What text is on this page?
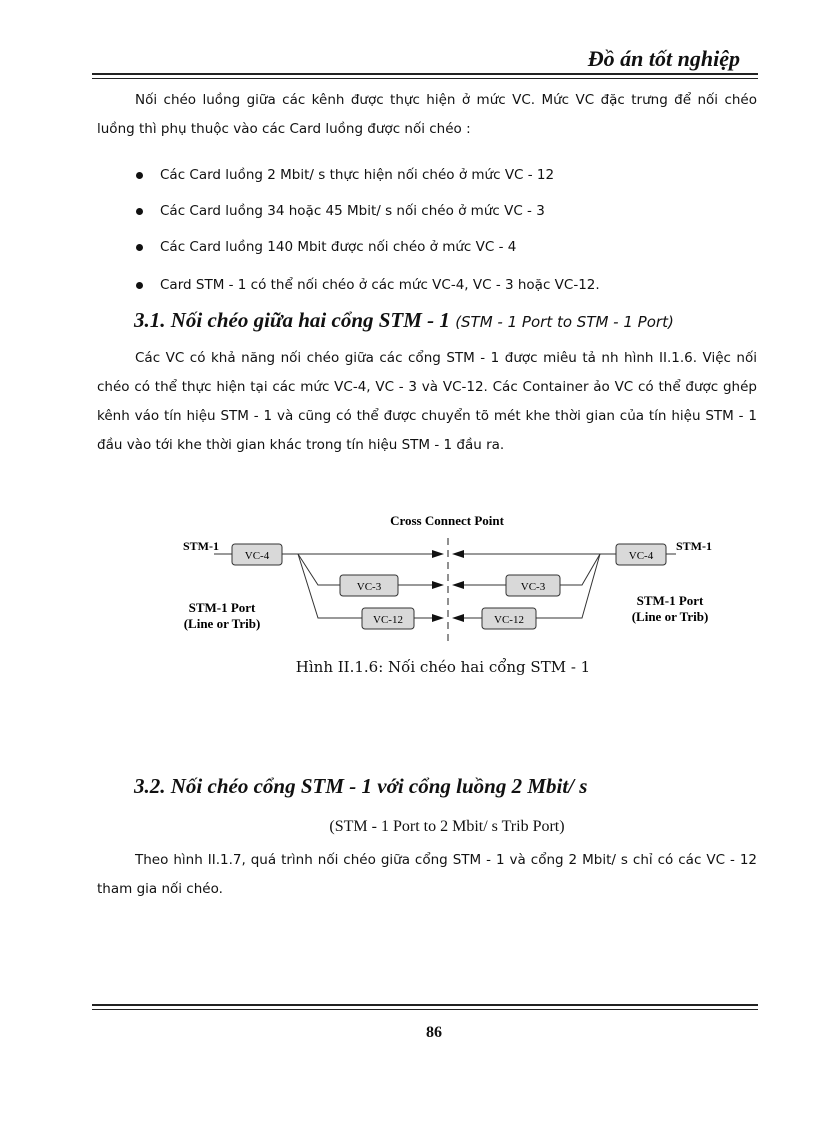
Đồ án tốt nghiệp

Nối chéo luồng giữa các kênh được thực hiện ở mức VC. Mức VC đặc trưng để nối chéo luồng thì phụ thuộc vào các Card luồng được nối chéo :

Các Card luồng 2 Mbit/ s thực hiện nối chéo ở mức VC - 12
Các Card luồng 34 hoặc 45 Mbit/ s nối chéo ở mức VC - 3
Các Card luồng 140 Mbit được nối chéo ở mức VC - 4
Card STM - 1 có thể nối chéo ở các mức VC-4, VC - 3 hoặc VC-12.
3.1. Nối chéo giữa hai cổng STM - 1 (STM - 1 Port to STM - 1 Port)

Các VC có khả năng nối chéo giữa các cổng STM - 1 được miêu tả nh hình II.1.6. Việc nối chéo có thể thực hiện tại các mức VC-4, VC - 3 và VC-12. Các Container ảo VC có thể được ghép kênh váo tín hiệu STM - 1 và cũng có thể được chuyển tõ mét khe thời gian của tín hiệu STM - 1 đầu vào tới khe thời gian khác trong tín hiệu STM - 1 đầu ra.

Cross Connect Point
STM-1
VC-4
VC-3
VC-12
VC-3
VC-12
VC-4
STM-1
STM-1 Port
(Line or Trib)
STM-1 Port
(Line or Trib)
Hình II.1.6: Nối chéo hai cổng STM - 1
3.2. Nối chéo cổng STM - 1 với cổng luồng 2 Mbit/ s
(STM - 1 Port to 2 Mbit/ s Trib Port)

Theo hình II.1.7, quá trình nối chéo giữa cổng STM - 1 và cổng 2 Mbit/ s chỉ có các VC - 12 tham gia nối chéo.

86
